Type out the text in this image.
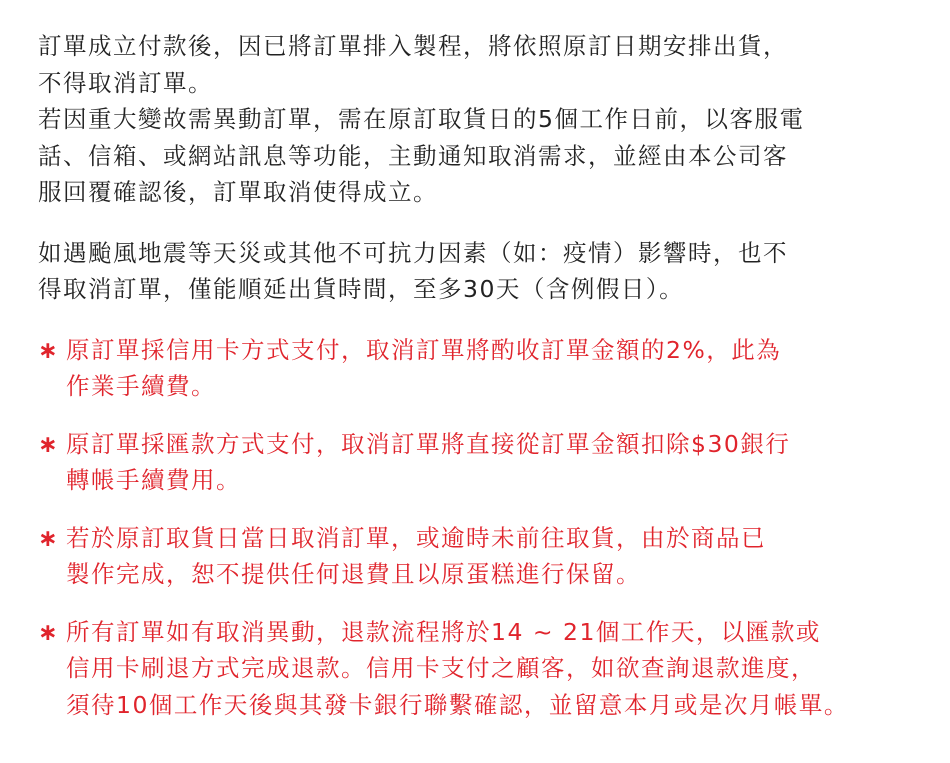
訂單成立付款後，因已將訂單排入製程，將依照原訂日期安排出貨，
不得取消訂單。

若因重大變故需異動訂單，需在原訂取貨日的5個工作日前，以客服電
話、信箱、或網站訊息等功能，主動通知取消需求，並經由本公司客
服回覆確認後，訂單取消使得成立。

如遇颱風地震等天災或其他不可抗力因素（如：疫情）影響時，也不
得取消訂單，僅能順延出貨時間，至多30天（含例假日）。

∗ 原訂單採信用卡方式支付，取消訂單將酌收訂單金額的2%，此為
作業手續費。
∗ 原訂單採匯款方式支付，取消訂單將直接從訂單金額扣除$30銀行
轉帳手續費用。
∗ 若於原訂取貨日當日取消訂單，或逾時未前往取貨，由於商品已
製作完成，恕不提供任何退費且以原蛋糕進行保留。
∗ 所有訂單如有取消異動，退款流程將於14 ~ 21個工作天，以匯款或
信用卡刷退方式完成退款。信用卡支付之顧客，如欲查詢退款進度，
須待10個工作天後與其發卡銀行聯繫確認，並留意本月或是次月帳單。
